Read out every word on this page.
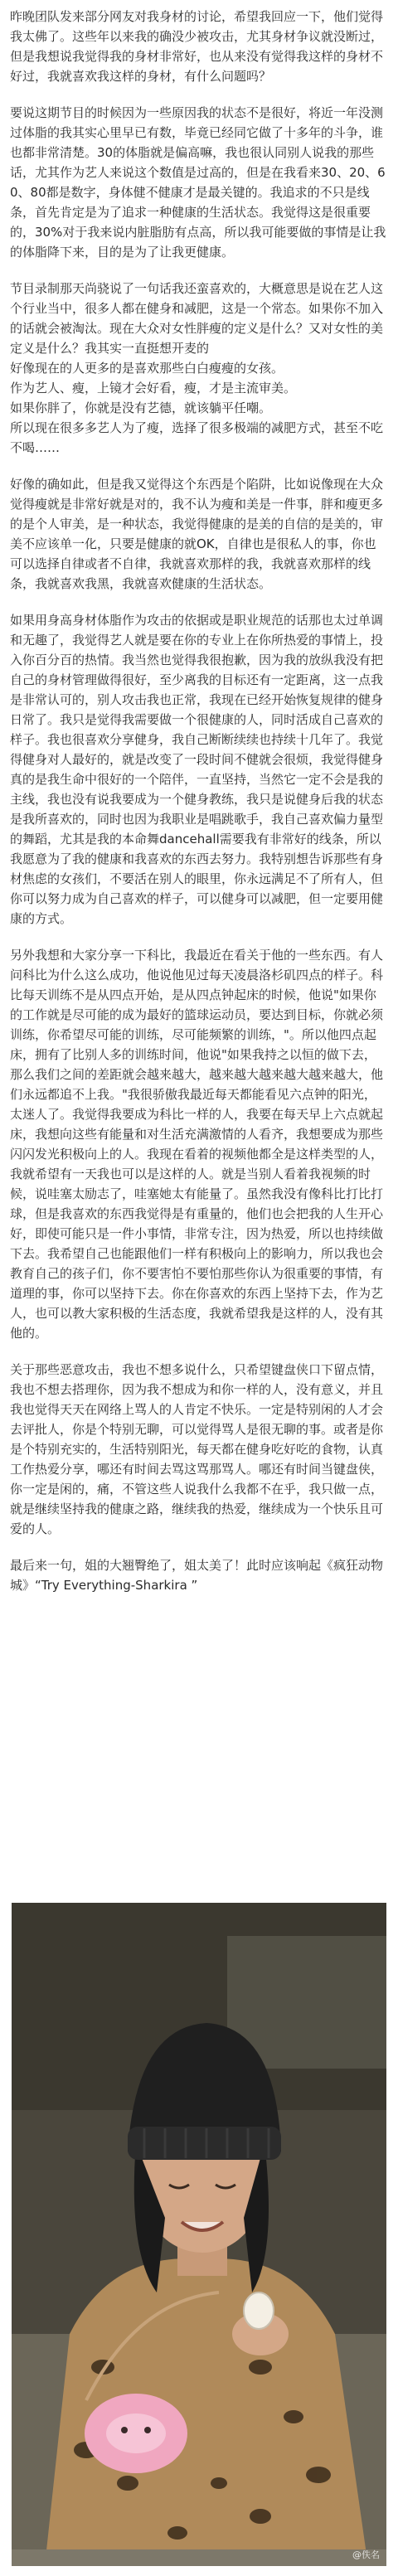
昨晚团队发来部分网友对我身材的讨论，希望我回应一下，他们觉得我太佛了。这些年以来我的确没少被攻击，尤其身材争议就没断过，但是我想说我觉得我的身材非常好，也从来没有觉得我这样的身材不好过，我就喜欢我这样的身材，有什么问题吗？

要说这期节目的时候因为一些原因我的状态不是很好，将近一年没测过体脂的我其实心里早已有数，毕竟已经同它做了十多年的斗争，谁也都非常清楚。30的体脂就是偏高嘛，我也很认同别人说我的那些话，尤其作为艺人来说这个数值是过高的，但是在我看来30、20、60、80都是数字，身体健不健康才是最关键的。我追求的不只是线条，首先肯定是为了追求一种健康的生活状态。我觉得这是很重要的，30%对于我来说内脏脂肪有点高，所以我可能要做的事情是让我的体脂降下来，目的是为了让我更健康。

节目录制那天尚骁说了一句话我还蛮喜欢的，大概意思是说在艺人这个行业当中，很多人都在健身和减肥，这是一个常态。如果你不加入的话就会被淘汰。现在大众对女性胖瘦的定义是什么？又对女性的美定义是什么？我其实一直挺想开麦的
好像现在的人更多的是喜欢那些白白瘦瘦的女孩。
作为艺人、瘦，上镜才会好看，瘦，才是主流审美。
如果你胖了，你就是没有艺德，就该躺平任嘲。
所以现在很多多艺人为了瘦，选择了很多极端的减肥方式，甚至不吃不喝……

好像的确如此，但是我又觉得这个东西是个陷阱，比如说像现在大众觉得瘦就是非常好就是对的，我不认为瘦和美是一件事，胖和瘦更多的是个人审美，是一种状态，我觉得健康的是美的自信的是美的，审美不应该单一化，只要是健康的就OK，自律也是很私人的事，你也可以选择自律或者不自律，我就喜欢那样的我，我就喜欢那样的线条，我就喜欢我黑，我就喜欢健康的生活状态。

如果用身高身材体脂作为攻击的依据或是职业规范的话那也太过单调和无趣了，我觉得艺人就是要在你的专业上在你所热爱的事情上，投入你百分百的热情。我当然也觉得我很抱歉，因为我的放纵我没有把自己的身材管理做得很好，至少离我的目标还有一定距离，这一点我是非常认可的，别人攻击我也正常，我现在已经开始恢复规律的健身日常了。我只是觉得我需要做一个很健康的人，同时活成自己喜欢的样子。我也很喜欢分享健身，我自己断断续续也持续十几年了。我觉得健身对人最好的，就是改变了一段时间不健就会很烦，我觉得健身真的是我生命中很好的一个陪伴，一直坚持，当然它一定不会是我的主线，我也没有说我要成为一个健身教练，我只是说健身后我的状态是我所喜欢的，同时也因为我职业是唱跳歌手，我自己喜欢偏力量型的舞蹈，尤其是我的本命舞dancehall需要我有非常好的线条，所以我愿意为了我的健康和我喜欢的东西去努力。我特别想告诉那些有身材焦虑的女孩们，不要活在别人的眼里，你永远满足不了所有人，但你可以努力成为自己喜欢的样子，可以健身可以减肥，但一定要用健康的方式。

另外我想和大家分享一下科比，我最近在看关于他的一些东西。有人问科比为什么这么成功，他说他见过每天凌晨洛杉矶四点的样子。科比每天训练不是从四点开始，是从四点钟起床的时候，他说"如果你的工作就是尽可能的成为最好的篮球运动员，要达到目标，你就必须训练，你希望尽可能的训练，尽可能频繁的训练，"。所以他四点起床，拥有了比别人多的训练时间，他说"如果我持之以恒的做下去，那么我们之间的差距就会越来越大，越来越大越来越大越来越大，他们永远都追不上我。"我很骄傲我最近每天都能看见六点钟的阳光，太迷人了。我觉得我要成为科比一样的人，我要在每天早上六点就起床，我想向这些有能量和对生活充满激情的人看齐，我想要成为那些闪闪发光积极向上的人。我现在看着的视频他都全是这样类型的人，我就希望有一天我也可以是这样的人。就是当别人看着我视频的时候，说哇塞太励志了，哇塞她太有能量了。虽然我没有像科比打比打球，但是我喜欢的东西我觉得是有重量的，他们也会把我的人生开心好，即使可能只是一件小事情，非常专注，因为热爱，所以也持续做下去。我希望自己也能跟他们一样有积极向上的影响力，所以我也会教育自己的孩子们，你不要害怕不要怕那些你认为很重要的事情，有道理的事，你可以坚持下去。你在你喜欢的东西上坚持下去，作为艺人，也可以教大家积极的生活态度，我就希望我是这样的人，没有其他的。

关于那些恶意攻击，我也不想多说什么，只希望键盘侠口下留点情，我也不想去搭理你，因为我不想成为和你一样的人，没有意义，并且我也觉得天天在网络上骂人的人肯定不快乐。一定是特别闲的人才会去评批人，你是个特别无聊，可以觉得骂人是很无聊的事。或者是你是个特别充实的，生活特别阳光，每天都在健身吃好吃的食物，认真工作热爱分享，哪还有时间去骂这骂那骂人。哪还有时间当键盘侠，你一定是闲的，痛，不管这些人说我什么我都不在乎，我只做一点，就是继续坚持我的健康之路，继续我的热爱，继续成为一个快乐且可爱的人。

最后来一句，姐的大翘臀绝了，姐太美了！此时应该响起《疯狂动物城》“Try Everything-Sharkira ”

@佚名
